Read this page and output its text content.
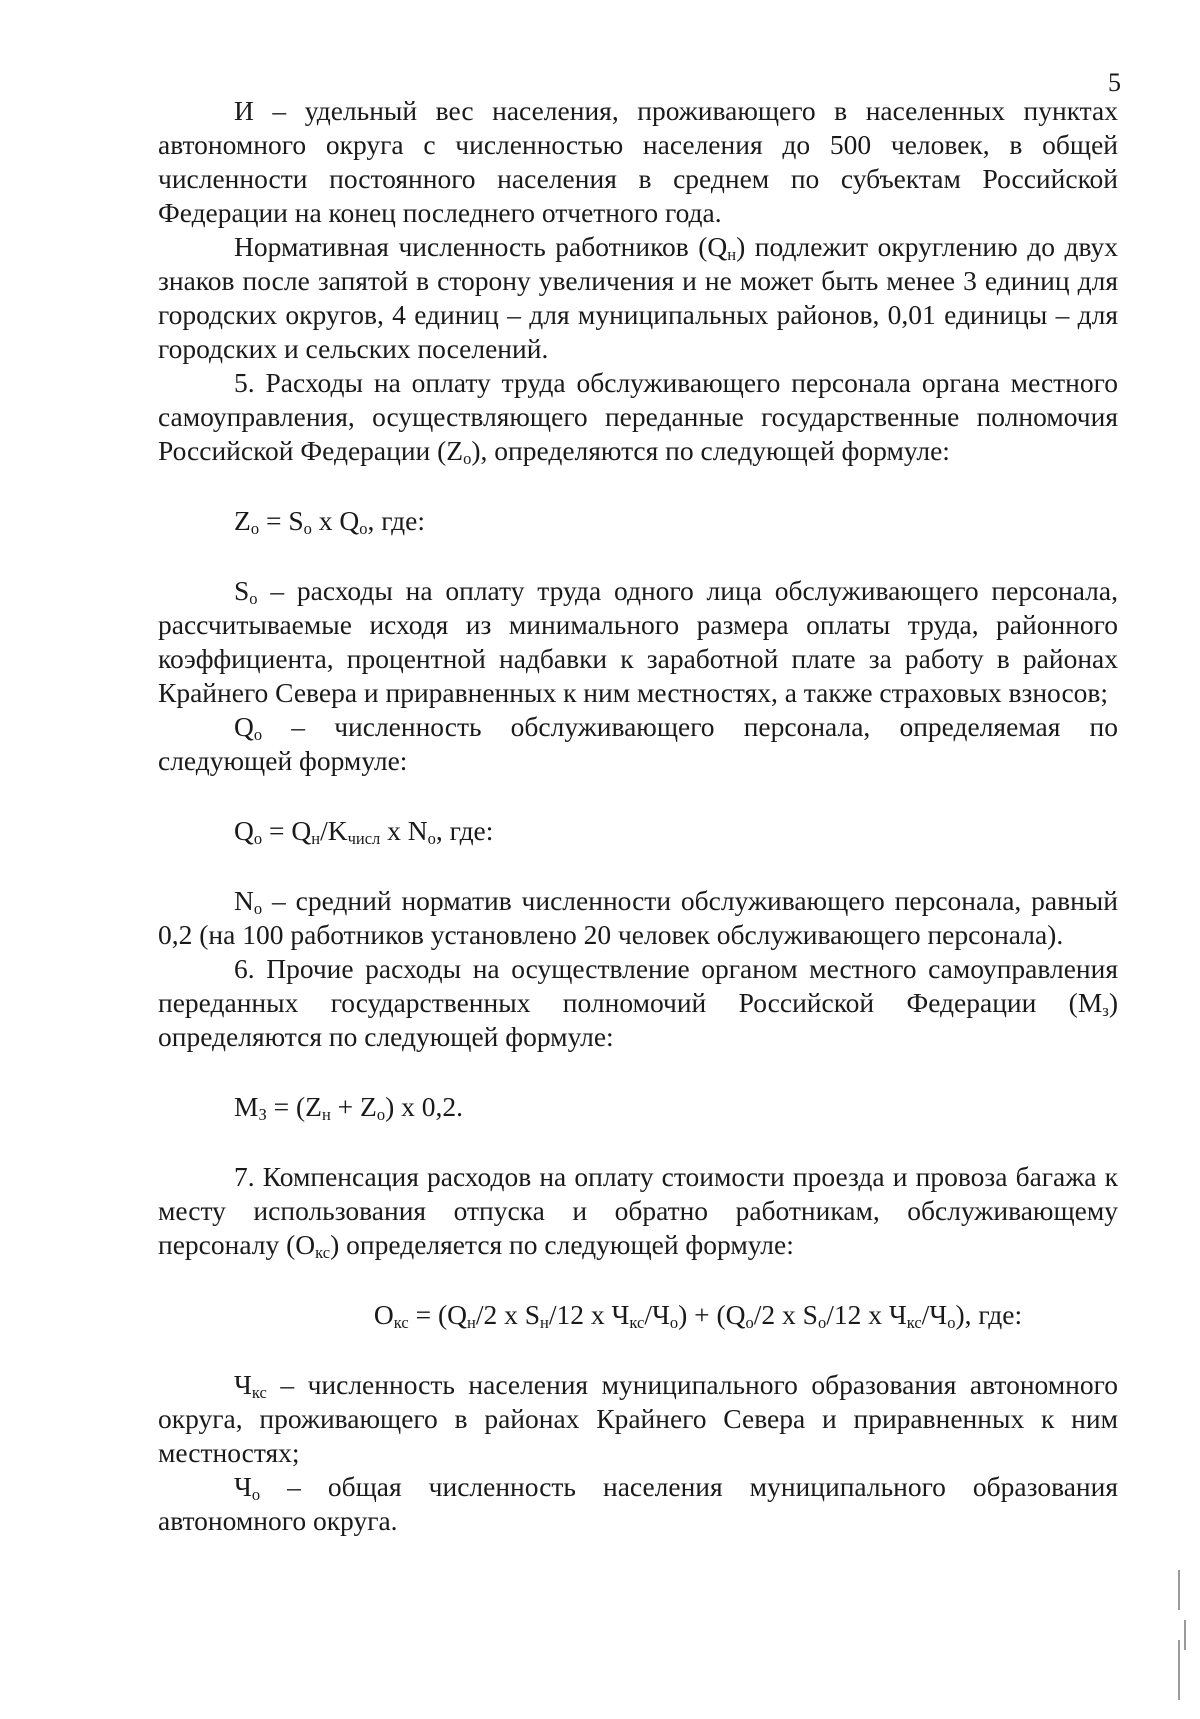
5

И – удельный вес населения, проживающего в населенных пунктах автономного округа с численностью населения до 500 человек, в общей численности постоянного населения в среднем по субъектам Российской Федерации на конец последнего отчетного года.

Нормативная численность работников $(Q_н)$ подлежит округлению до двух знаков после запятой в сторону увеличения и не может быть менее 3 единиц для городских округов, 4 единиц – для муниципальных районов, 0,01 единицы – для городских и сельских поселений.

5. Расходы на оплату труда обслуживающего персонала органа местного самоуправления, осуществляющего переданные государственные полномочия Российской Федерации $(Z_o)$, определяются по следующей формуле:

$Z_o = S_o$ x $Q_o$, где:

$S_o$ – расходы на оплату труда одного лица обслуживающего персонала, рассчитываемые исходя из минимального размера оплаты труда, районного коэффициента, процентной надбавки к заработной плате за работу в районах Крайнего Севера и приравненных к ним местностях, а также страховых взносов;

$Q_o$ – численность обслуживающего персонала, определяемая по следующей формуле:

$Q_o = Q_н/K_{числ}$ x $N_o$, где:

$N_o$ – средний норматив численности обслуживающего персонала, равный 0,2 (на 100 работников установлено 20 человек обслуживающего персонала).

6. Прочие расходы на осуществление органом местного самоуправления переданных государственных полномочий Российской Федерации $(М_з)$ определяются по следующей формуле:

$М_З = (Z_н + Z_o)$ x 0,2.

7. Компенсация расходов на оплату стоимости проезда и провоза багажа к месту использования отпуска и обратно работникам, обслуживающему персоналу $(О_{кс})$ определяется по следующей формуле:

$О_{кс} = (Q_н/2$ x $S_н/12$ x $Ч_{кс}/Ч_о) + (Q_o/2$ x $S_o/12$ x $Ч_{кс}/Ч_о$), где:

$Ч_{кс}$ – численность населения муниципального образования автономного округа, проживающего в районах Крайнего Севера и приравненных к ним местностях;

$Ч_о$ – общая численность населения муниципального образования автономного округа.
